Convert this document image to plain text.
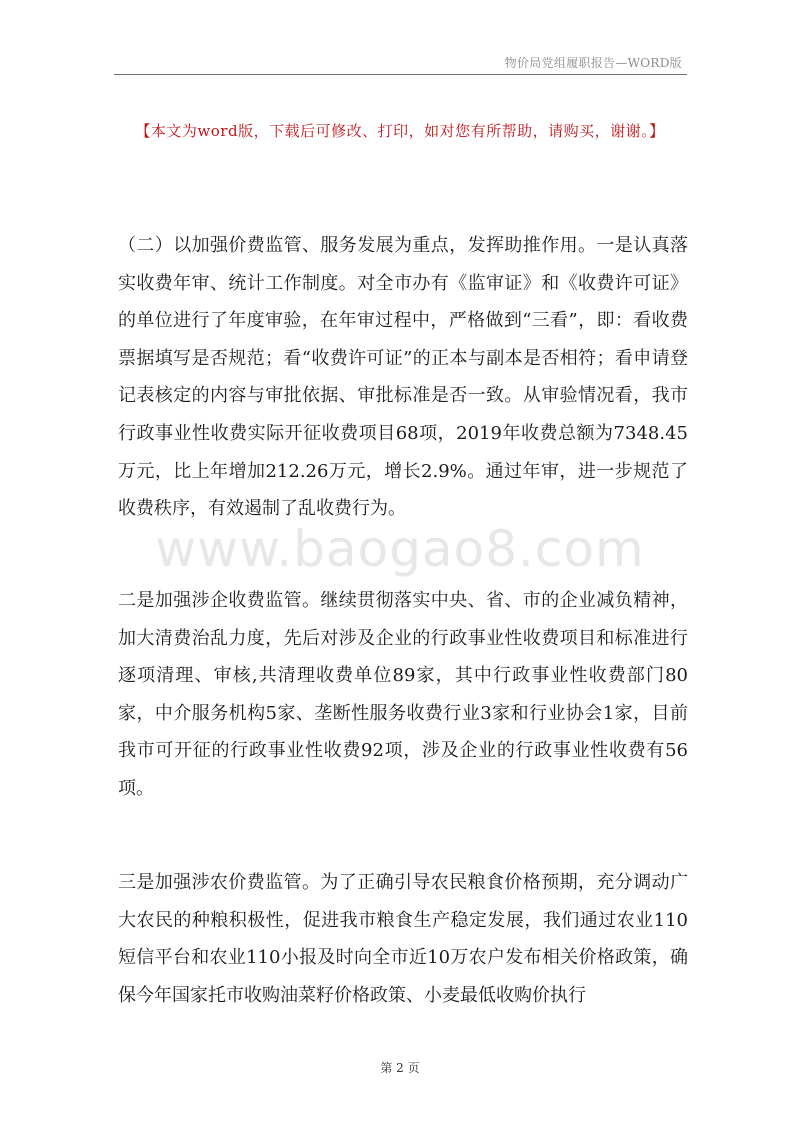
物价局党组履职报告—WORD版
【本文为word版，下载后可修改、打印，如对您有所帮助，请购买，谢谢。】
www.baogao8.com

（二）以加强价费监管、服务发展为重点，发挥助推作用。一是认真落实收费年审、统计工作制度。对全市办有《监审证》和《收费许可证》的单位进行了年度审验，在年审过程中，严格做到“三看”，即：看收费票据填写是否规范；看“收费许可证”的正本与副本是否相符；看申请登记表核定的内容与审批依据、审批标准是否一致。从审验情况看，我市行政事业性收费实际开征收费项目68项，2019年收费总额为7348.45万元，比上年增加212.26万元，增长2.9%。通过年审，进一步规范了收费秩序，有效遏制了乱收费行为。

二是加强涉企收费监管。继续贯彻落实中央、省、市的企业减负精神，加大清费治乱力度，先后对涉及企业的行政事业性收费项目和标准进行逐项清理、审核,共清理收费单位89家，其中行政事业性收费部门80家，中介服务机构5家、垄断性服务收费行业3家和行业协会1家，目前我市可开征的行政事业性收费92项，涉及企业的行政事业性收费有56项。

三是加强涉农价费监管。为了正确引导农民粮食价格预期，充分调动广大农民的种粮积极性，促进我市粮食生产稳定发展，我们通过农业110短信平台和农业110小报及时向全市近10万农户发布相关价格政策，确保今年国家托市收购油菜籽价格政策、小麦最低收购价执行

第 2 页
